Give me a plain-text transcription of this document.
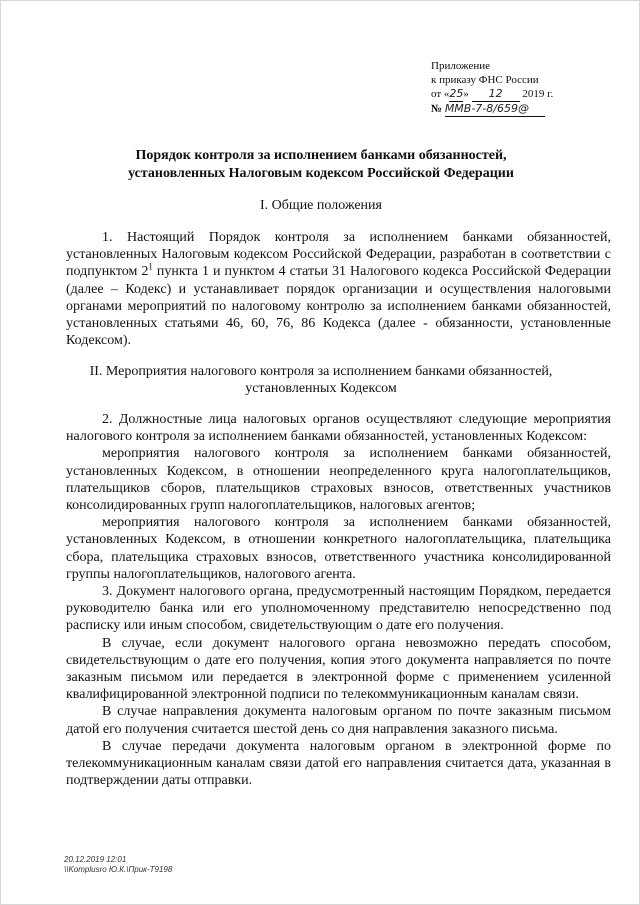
Приложение
к приказу ФНС России
от «25» 12 2019 г.
№ ММВ-7-8/659@
Порядок контроля за исполнением банками обязанностей,
установленных Налоговым кодексом Российской Федерации
I. Общие положения

1. Настоящий Порядок контроля за исполнением банками обязанностей, установленных Налоговым кодексом Российской Федерации, разработан в соответствии с подпунктом $2^1$ пункта 1 и пунктом 4 статьи 31 Налогового кодекса Российской Федерации (далее – Кодекс) и устанавливает порядок организации и осуществления налоговыми органами мероприятий по налоговому контролю за исполнением банками обязанностей, установленных статьями 46, 60, 76, 86 Кодекса (далее - обязанности, установленные Кодексом).

II. Мероприятия налогового контроля за исполнением банками обязанностей,
установленных Кодексом

2. Должностные лица налоговых органов осуществляют следующие мероприятия налогового контроля за исполнением банками обязанностей, установленных Кодексом:

мероприятия налогового контроля за исполнением банками обязанностей, установленных Кодексом, в отношении неопределенного круга налогоплательщиков, плательщиков сборов, плательщиков страховых взносов, ответственных участников консолидированных групп налогоплательщиков, налоговых агентов;

мероприятия налогового контроля за исполнением банками обязанностей, установленных Кодексом, в отношении конкретного налогоплательщика, плательщика сбора, плательщика страховых взносов, ответственного участника консолидированной группы налогоплательщиков, налогового агента.

3. Документ налогового органа, предусмотренный настоящим Порядком, передается руководителю банка или его уполномоченному представителю непосредственно под расписку или иным способом, свидетельствующим о дате его получения.

В случае, если документ налогового органа невозможно передать способом, свидетельствующим о дате его получения, копия этого документа направляется по почте заказным письмом или передается в электронной форме с применением усиленной квалифицированной электронной подписи по телекоммуникационным каналам связи.

В случае направления документа налоговым органом по почте заказным письмом датой его получения считается шестой день со дня направления заказного письма.

В случае передачи документа налоговым органом в электронной форме по телекоммуникационным каналам связи датой его направления считается дата, указанная в подтверждении даты отправки.

20.12.2019 12:01
\\Komplusro Ю.К.\Прик-Т9198
